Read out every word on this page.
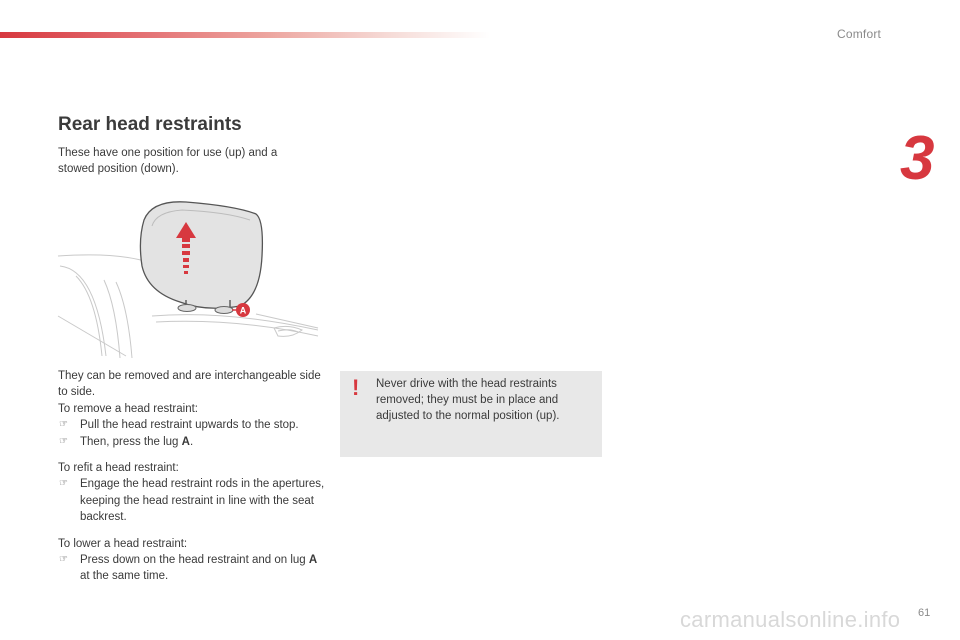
Comfort
3
Rear head restraints
These have one position for use (up) and a stowed position (down).
A

They can be removed and are interchangeable side to side.

To remove a head restraint:

☞ Pull the head restraint upwards to the stop.
☞ Then, press the lug A.

To refit a head restraint:

☞ Engage the head restraint rods in the apertures, keeping the head restraint in line with the seat backrest.

To lower a head restraint:

☞ Press down on the head restraint and on lug A at the same time.
! Never drive with the head restraints removed; they must be in place and adjusted to the normal position (up).
carmanualsonline.info 61
